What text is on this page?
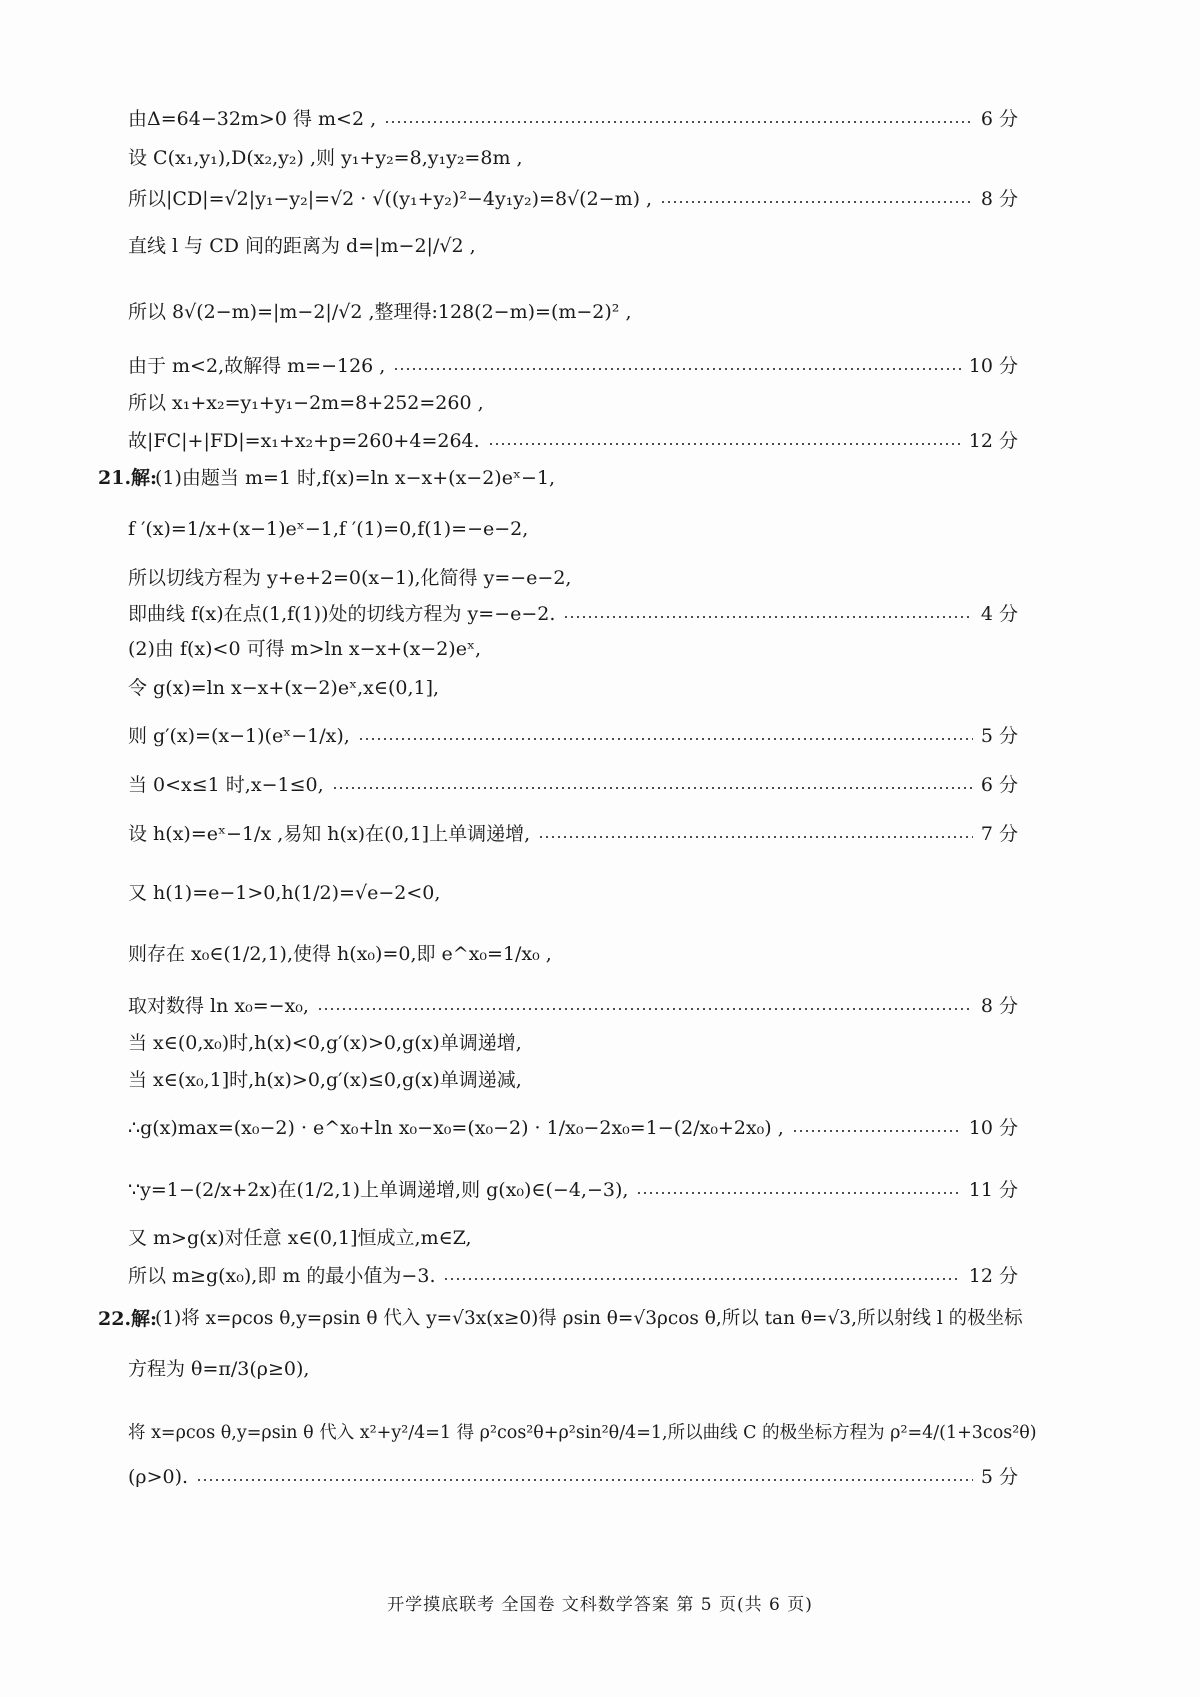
由Δ=64−32m>0 得 m<2 ,	6 分
设 C(x₁,y₁),D(x₂,y₂) ,则 y₁+y₂=8,y₁y₂=8m ,
所以|CD|=√2|y₁−y₂|=√2 · √((y₁+y₂)²−4y₁y₂)=8√(2−m) ,	8 分
直线 l 与 CD 间的距离为 d=|m−2|/√2 ,
所以 8√(2−m)=|m−2|/√2 ,整理得:128(2−m)=(m−2)² ,
由于 m<2,故解得 m=−126 ,	10 分
所以 x₁+x₂=y₁+y₁−2m=8+252=260 ,
故|FC|+|FD|=x₁+x₂+p=260+4=264.	12 分
21.解:
(1)由题当 m=1 时,f(x)=ln x−x+(x−2)eˣ−1,
f ′(x)=1/x+(x−1)eˣ−1,f ′(1)=0,f(1)=−e−2,
所以切线方程为 y+e+2=0(x−1),化简得 y=−e−2,
即曲线 f(x)在点(1,f(1))处的切线方程为 y=−e−2.	4 分
(2)由 f(x)<0 可得 m>ln x−x+(x−2)eˣ,
令 g(x)=ln x−x+(x−2)eˣ,x∈(0,1],
则 g′(x)=(x−1)(eˣ−1/x),	5 分
当 0<x≤1 时,x−1≤0,	6 分
设 h(x)=eˣ−1/x ,易知 h(x)在(0,1]上单调递增,	7 分
又 h(1)=e−1>0,h(1/2)=√e−2<0,
则存在 x₀∈(1/2,1),使得 h(x₀)=0,即 e^x₀=1/x₀ ,
取对数得 ln x₀=−x₀,	8 分
当 x∈(0,x₀)时,h(x)<0,g′(x)>0,g(x)单调递增,
当 x∈(x₀,1]时,h(x)>0,g′(x)≤0,g(x)单调递减,
∴g(x)max=(x₀−2) · e^x₀+ln x₀−x₀=(x₀−2) · 1/x₀−2x₀=1−(2/x₀+2x₀) ,	10 分
∵y=1−(2/x+2x)在(1/2,1)上单调递增,则 g(x₀)∈(−4,−3),	11 分
又 m>g(x)对任意 x∈(0,1]恒成立,m∈Z,
所以 m≥g(x₀),即 m 的最小值为−3.	12 分
22.解:
(1)将 x=ρcos θ,y=ρsin θ 代入 y=√3x(x≥0)得 ρsin θ=√3ρcos θ,所以 tan θ=√3,所以射线 l 的极坐标
方程为 θ=π/3(ρ≥0),
将 x=ρcos θ,y=ρsin θ 代入 x²+y²/4=1 得 ρ²cos²θ+ρ²sin²θ/4=1,所以曲线 C 的极坐标方程为 ρ²=4/(1+3cos²θ)
(ρ>0).	5 分
开学摸底联考 全国卷 文科数学答案 第 5 页(共 6 页)
